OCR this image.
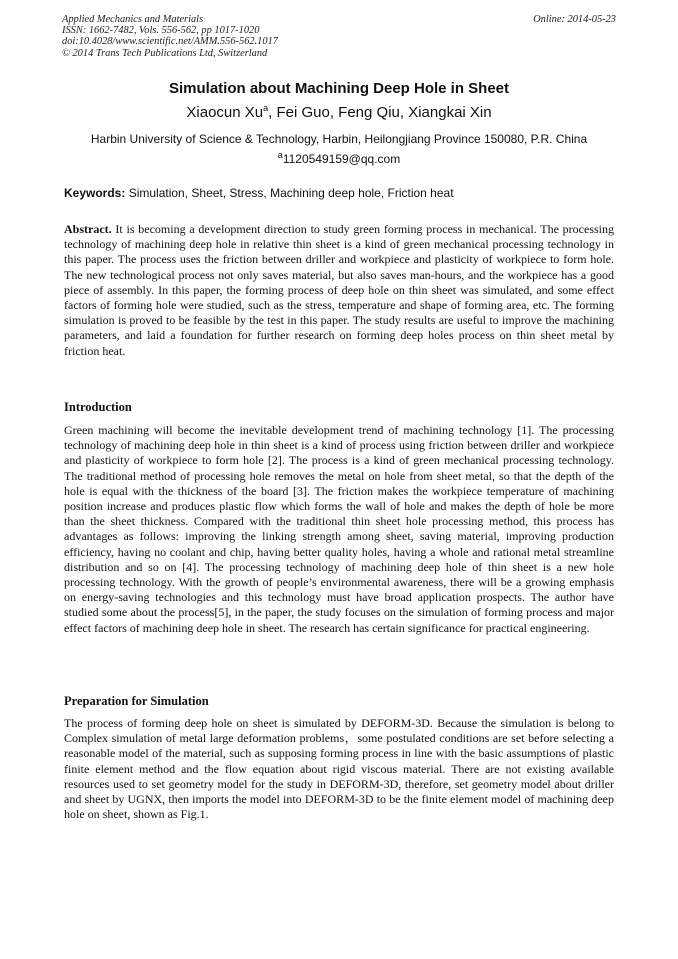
Applied Mechanics and Materials
ISSN: 1662-7482, Vols. 556-562, pp 1017-1020
doi:10.4028/www.scientific.net/AMM.556-562.1017
© 2014 Trans Tech Publications Ltd, Switzerland
Online: 2014-05-23
Simulation about Machining Deep Hole in Sheet
Xiaocun Xu$^a$, Fei Guo, Feng Qiu, Xiangkai Xin
Harbin University of Science & Technology, Harbin, Heilongjiang Province 150080, P.R. China
$^a$1120549159@qq.com
Keywords: Simulation, Sheet, Stress, Machining deep hole, Friction heat

Abstract. It is becoming a development direction to study green forming process in mechanical. The processing technology of machining deep hole in relative thin sheet is a kind of green mechanical processing technology in this paper. The process uses the friction between driller and workpiece and plasticity of workpiece to form hole. The new technological process not only saves material, but also saves man-hours, and the workpiece has a good piece of assembly. In this paper, the forming process of deep hole on thin sheet was simulated, and some effect factors of forming hole were studied, such as the stress, temperature and shape of forming area, etc. The forming simulation is proved to be feasible by the test in this paper. The study results are useful to improve the machining parameters, and laid a foundation for further research on forming deep holes process on thin sheet metal by friction heat.

Introduction

Green machining will become the inevitable development trend of machining technology [1]. The processing technology of machining deep hole in thin sheet is a kind of process using friction between driller and workpiece and plasticity of workpiece to form hole [2]. The process is a kind of green mechanical processing technology. The traditional method of processing hole removes the metal on hole from sheet metal, so that the depth of the hole is equal with the thickness of the board [3]. The friction makes the workpiece temperature of machining position increase and produces plastic flow which forms the wall of hole and makes the depth of hole be more than the sheet thickness. Compared with the traditional thin sheet hole processing method, this process has advantages as follows: improving the linking strength among sheet, saving material, improving production efficiency, having no coolant and chip, having better quality holes, having a whole and rational metal streamline distribution and so on [4]. The processing technology of machining deep hole of thin sheet is a new hole processing technology. With the growth of people’s environmental awareness, there will be a growing emphasis on energy-saving technologies and this technology must have broad application prospects. The author have studied some about the process[5], in the paper, the study focuses on the simulation of forming process and major effect factors of machining deep hole in sheet. The research has certain significance for practical engineering.

Preparation for Simulation

The process of forming deep hole on sheet is simulated by DEFORM-3D. Because the simulation is belong to Complex simulation of metal large deformation problems，some postulated conditions are set before selecting a reasonable model of the material, such as supposing forming process in line with the basic assumptions of plastic finite element method and the flow equation about rigid viscous material. There are not existing available resources used to set geometry model for the study in DEFORM-3D, therefore, set geometry model about driller and sheet by UGNX, then imports the model into DEFORM-3D to be the finite element model of machining deep hole on sheet, shown as Fig.1.
